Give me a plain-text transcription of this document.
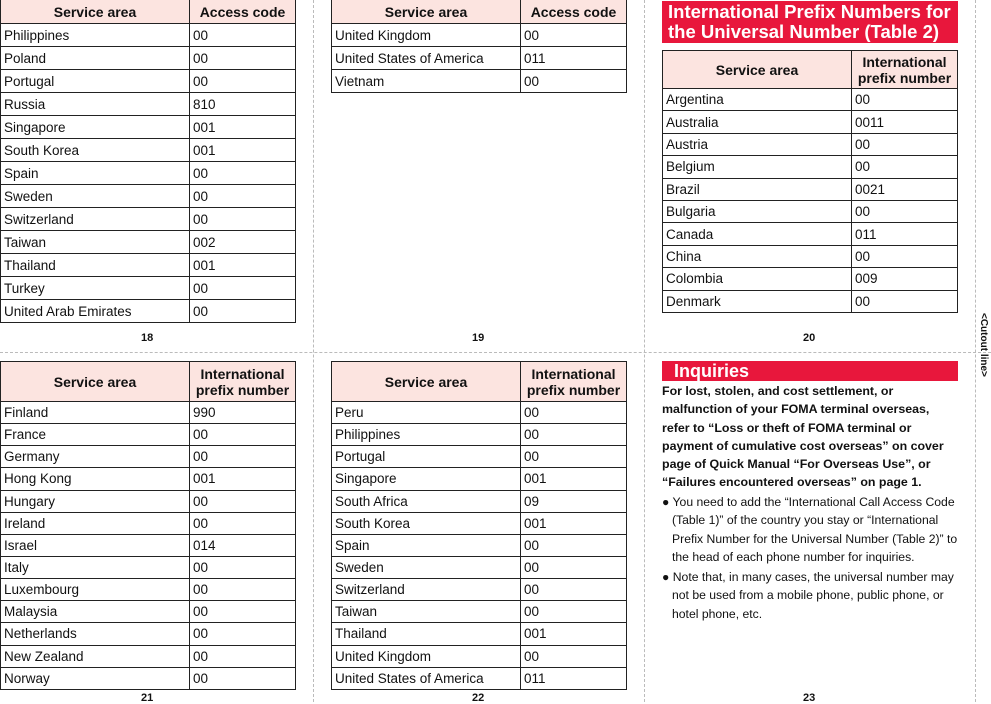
<Cutout line>
Service area	Access code
Philippines	00
Poland	00
Portugal	00
Russia	810
Singapore	001
South Korea	001
Spain	00
Sweden	00
Switzerland	00
Taiwan	002
Thailand	001
Turkey	00
United Arab Emirates	00
Service area	Access code
United Kingdom	00
United States of America	011
Vietnam	00
International Prefix Numbers for the Universal Number (Table 2)
Service area	International prefix number
Argentina	00
Australia	0011
Austria	00
Belgium	00
Brazil	0021
Bulgaria	00
Canada	011
China	00
Colombia	009
Denmark	00
Service area	International prefix number
Finland	990
France	00
Germany	00
Hong Kong	001
Hungary	00
Ireland	00
Israel	014
Italy	00
Luxembourg	00
Malaysia	00
Netherlands	00
New Zealand	00
Norway	00
Service area	International prefix number
Peru	00
Philippines	00
Portugal	00
Singapore	001
South Africa	09
South Korea	001
Spain	00
Sweden	00
Switzerland	00
Taiwan	00
Thailand	001
United Kingdom	00
United States of America	011
18	19	20
21	22	23
Inquiries
For lost, stolen, and cost settlement, or malfunction of your FOMA terminal overseas, refer to “Loss or theft of FOMA terminal or payment of cumulative cost overseas” on cover page of Quick Manual “For Overseas Use”, or “Failures encountered overseas” on page 1.
● You need to add the “International Call Access Code (Table 1)” of the country you stay or “International Prefix Number for the Universal Number (Table 2)” to the head of each phone number for inquiries.
● Note that, in many cases, the universal number may not be used from a mobile phone, public phone, or hotel phone, etc.
